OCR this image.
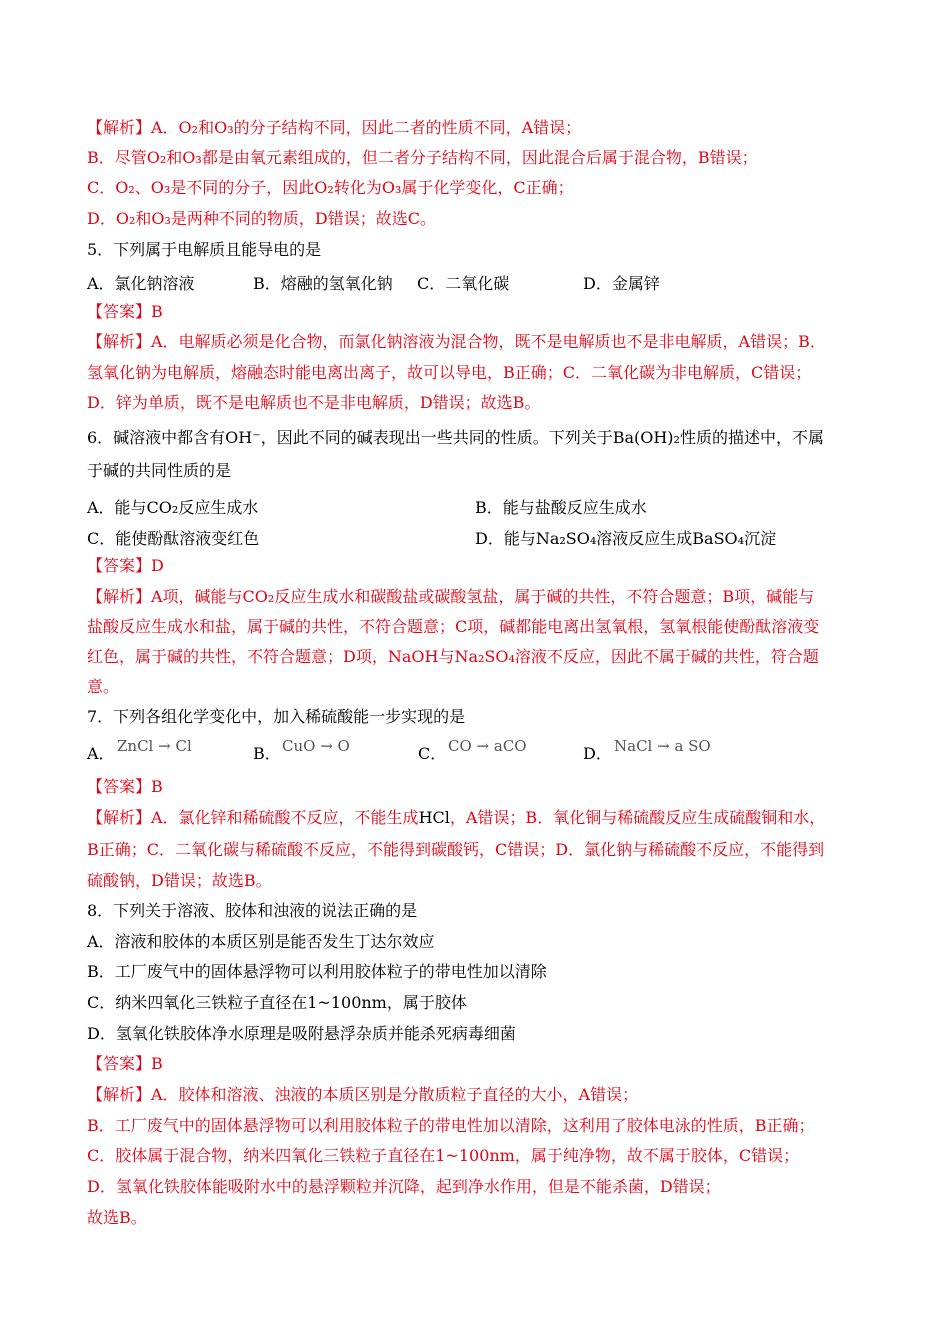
【解析】A．O₂和O₃的分子结构不同，因此二者的性质不同，A错误；
B．尽管O₂和O₃都是由氧元素组成的，但二者分子结构不同，因此混合后属于混合物，B错误；
C．O₂、O₃是不同的分子，因此O₂转化为O₃属于化学变化，C正确；
D．O₂和O₃是两种不同的物质，D错误；故选C。
5．下列属于电解质且能导电的是
A．氯化钠溶液	B．熔融的氢氧化钠 C．二氧化碳	D．金属锌
【答案】B
【解析】A．电解质必须是化合物，而氯化钠溶液为混合物，既不是电解质也不是非电解质，A错误；B．
氢氧化钠为电解质，熔融态时能电离出离子，故可以导电，B正确；C．二氧化碳为非电解质，C错误；
D．锌为单质，既不是电解质也不是非电解质，D错误；故选B。
6．碱溶液中都含有OH⁻，因此不同的碱表现出一些共同的性质。下列关于Ba(OH)₂性质的描述中，不属
于碱的共同性质的是
A．能与CO₂反应生成水	B．能与盐酸反应生成水
C．能使酚酞溶液变红色	D．能与Na₂SO₄溶液反应生成BaSO₄沉淀
【答案】D
【解析】A项，碱能与CO₂反应生成水和碳酸盐或碳酸氢盐，属于碱的共性，不符合题意；B项，碱能与
盐酸反应生成水和盐，属于碱的共性，不符合题意；C项，碱都能电离出氢氧根，氢氧根能使酚酞溶液变
红色，属于碱的共性，不符合题意；D项，NaOH与Na₂SO₄溶液不反应，因此不属于碱的共性，符合题
意。
7．下列各组化学变化中，加入稀硫酸能一步实现的是
A． ZnCl → Cl	B． CuO → O	C． CO → aCO	D． NaCl → a SO
【答案】B
【解析】A．氯化锌和稀硫酸不反应，不能生成HCl，A错误；B．氧化铜与稀硫酸反应生成硫酸铜和水，
B正确；C．二氧化碳与稀硫酸不反应，不能得到碳酸钙，C错误；D．氯化钠与稀硫酸不反应，不能得到
硫酸钠，D错误；故选B。
8．下列关于溶液、胶体和浊液的说法正确的是
A．溶液和胶体的本质区别是能否发生丁达尔效应
B．工厂废气中的固体悬浮物可以利用胶体粒子的带电性加以清除
C．纳米四氧化三铁粒子直径在1~100nm，属于胶体
D．氢氧化铁胶体净水原理是吸附悬浮杂质并能杀死病毒细菌
【答案】B
【解析】A．胶体和溶液、浊液的本质区别是分散质粒子直径的大小，A错误；
B．工厂废气中的固体悬浮物可以利用胶体粒子的带电性加以清除，这利用了胶体电泳的性质，B正确；
C．胶体属于混合物，纳米四氧化三铁粒子直径在1~100nm，属于纯净物，故不属于胶体，C错误；
D．氢氧化铁胶体能吸附水中的悬浮颗粒并沉降，起到净水作用，但是不能杀菌，D错误；
故选B。
